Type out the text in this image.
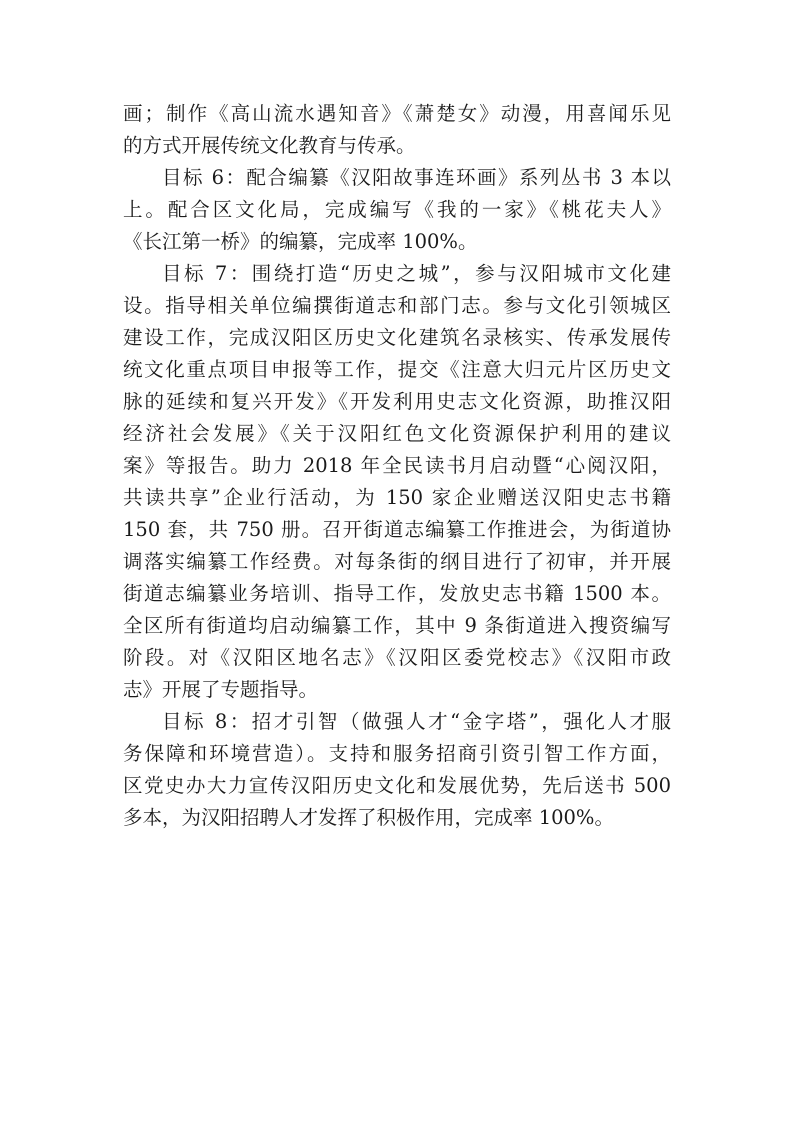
画；制作《高山流水遇知音》《萧楚女》动漫，用喜闻乐见
的方式开展传统文化教育与传承。
目标 6：配合编纂《汉阳故事连环画》系列丛书 3 本以
上。配合区文化局，完成编写《我的一家》《桃花夫人》
《长江第一桥》的编纂，完成率 100%。
目标 7：围绕打造“历史之城”，参与汉阳城市文化建
设。指导相关单位编撰街道志和部门志。参与文化引领城区
建设工作，完成汉阳区历史文化建筑名录核实、传承发展传
统文化重点项目申报等工作，提交《注意大归元片区历史文
脉的延续和复兴开发》《开发利用史志文化资源，助推汉阳
经济社会发展》《关于汉阳红色文化资源保护利用的建议
案》等报告。助力 2018 年全民读书月启动暨“心阅汉阳，
共读共享”企业行活动，为 150 家企业赠送汉阳史志书籍
150 套，共 750 册。召开街道志编纂工作推进会，为街道协
调落实编纂工作经费。对每条街的纲目进行了初审，并开展
街道志编纂业务培训、指导工作，发放史志书籍 1500 本。
全区所有街道均启动编纂工作，其中 9 条街道进入搜资编写
阶段。对《汉阳区地名志》《汉阳区委党校志》《汉阳市政
志》开展了专题指导。
目标 8：招才引智（做强人才“金字塔”，强化人才服
务保障和环境营造）。支持和服务招商引资引智工作方面，
区党史办大力宣传汉阳历史文化和发展优势，先后送书 500
多本，为汉阳招聘人才发挥了积极作用，完成率 100%。
